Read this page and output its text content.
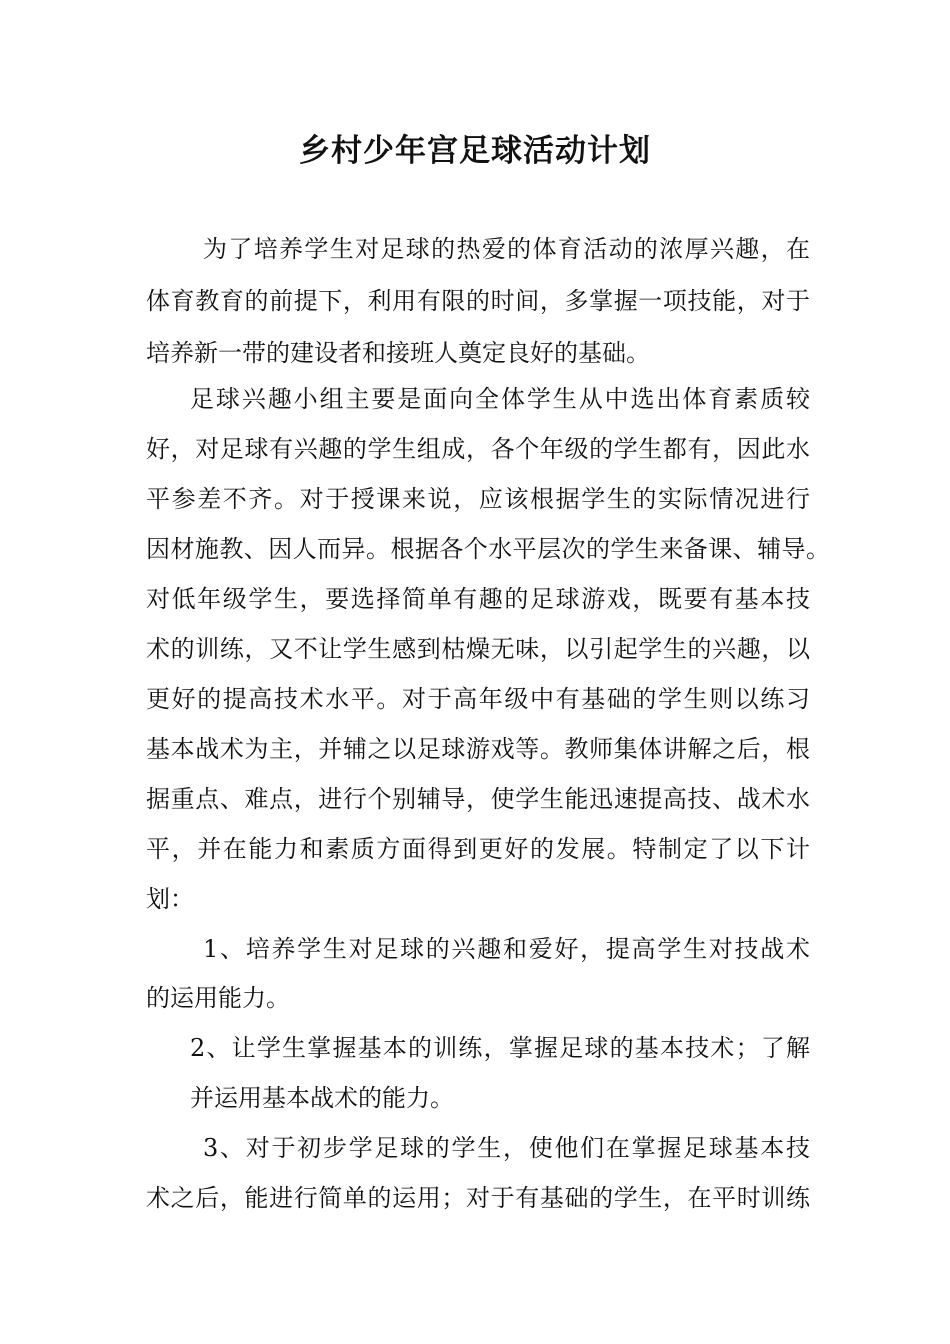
乡村少年宫足球活动计划
为了培养学生对足球的热爱的体育活动的浓厚兴趣，在
体育教育的前提下，利用有限的时间，多掌握一项技能，对于
培养新一带的建设者和接班人奠定良好的基础。
足球兴趣小组主要是面向全体学生从中选出体育素质较
好，对足球有兴趣的学生组成，各个年级的学生都有，因此水
平参差不齐。对于授课来说，应该根据学生的实际情况进行
因材施教、因人而异。根据各个水平层次的学生来备课、辅导。
对低年级学生，要选择简单有趣的足球游戏，既要有基本技
术的训练，又不让学生感到枯燥无味，以引起学生的兴趣，以
更好的提高技术水平。对于高年级中有基础的学生则以练习
基本战术为主，并辅之以足球游戏等。教师集体讲解之后，根
据重点、难点，进行个别辅导，使学生能迅速提高技、战术水
平，并在能力和素质方面得到更好的发展。特制定了以下计
划：
1、培养学生对足球的兴趣和爱好，提高学生对技战术
的运用能力。
2、让学生掌握基本的训练，掌握足球的基本技术；了解
并运用基本战术的能力。
3、对于初步学足球的学生，使他们在掌握足球基本技
术之后，能进行简单的运用；对于有基础的学生，在平时训练
